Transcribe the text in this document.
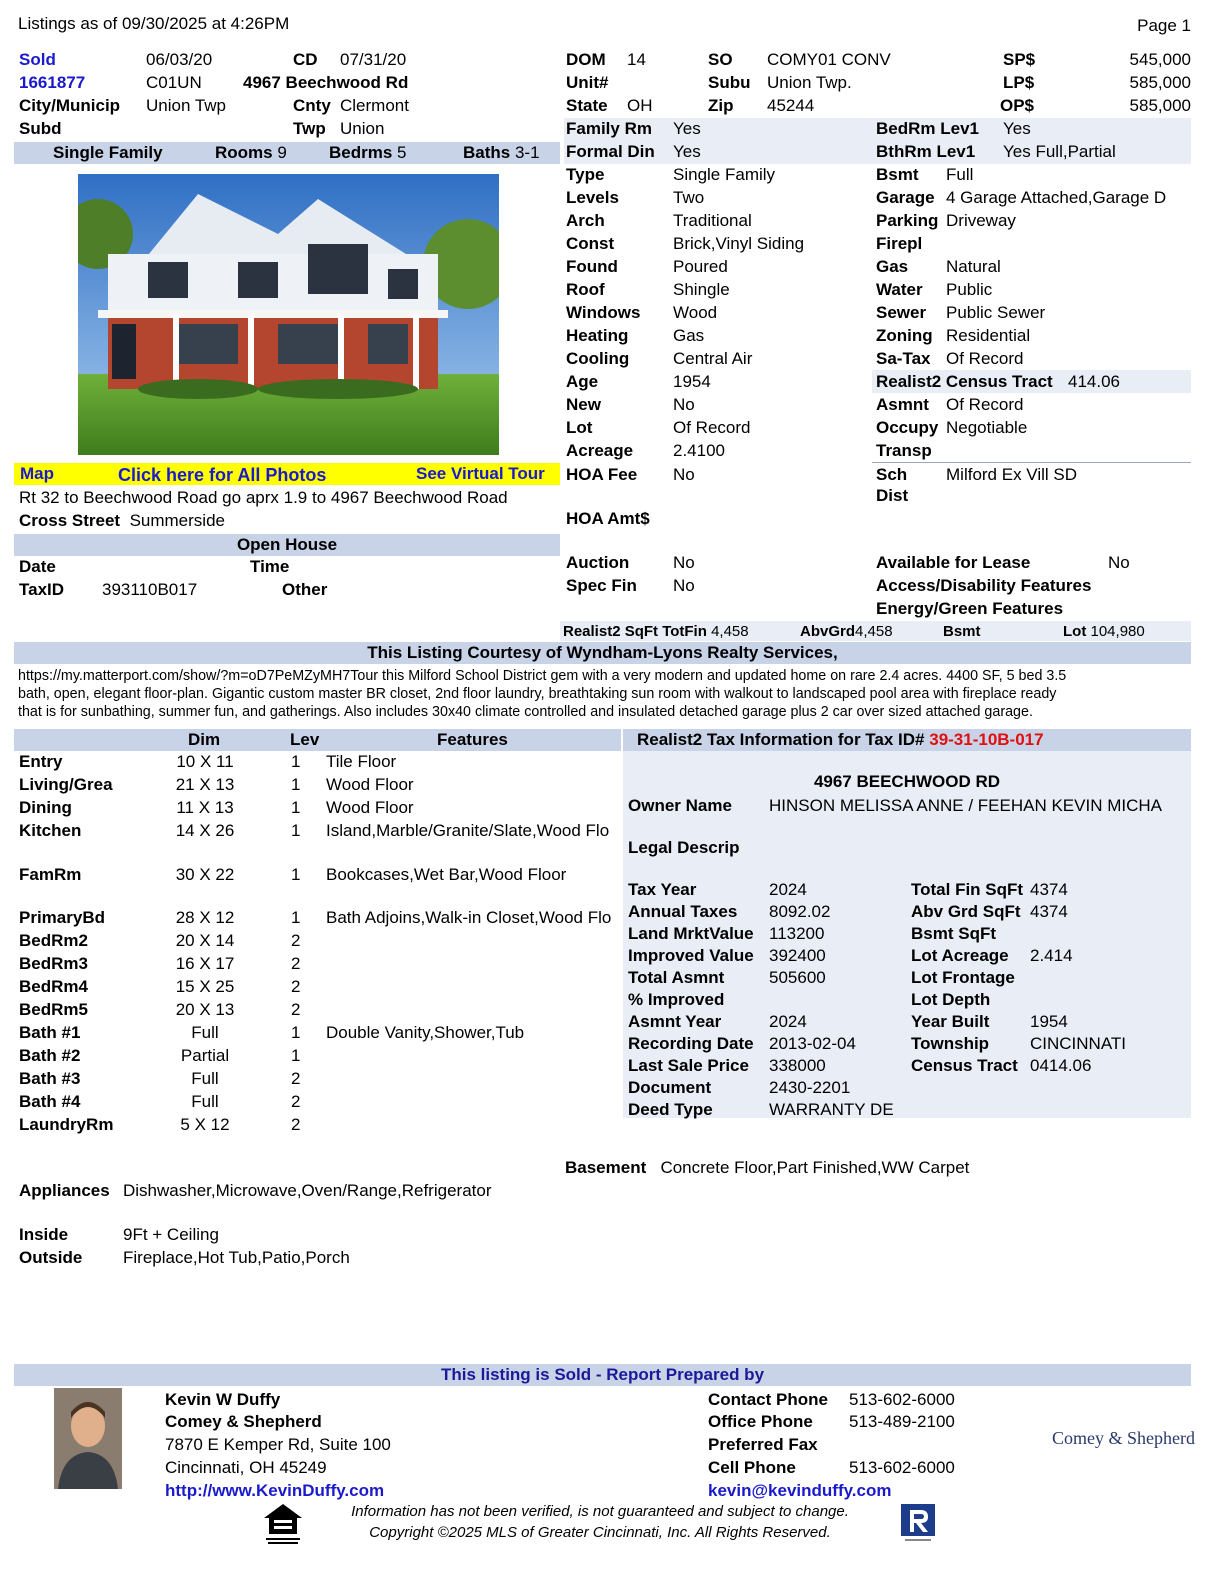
Listings as of 09/30/2025 at 4:26PM	Page 1
Sold	06/03/20	CD 07/31/20
1661877	C01UN 4967 Beechwood Rd
City/Municip Union Twp	Cnty Clermont
Subd	Twp Union
Single Family	Rooms 9 Bedrms 5	Baths 3-1
Map	Click here for All Photos	See Virtual Tour
Rt 32 to Beechwood Road go aprx 1.9 to 4967 Beechwood Road
Cross Street Summerside
Open House
Date	Time
TaxID 393110B017	Other
DOM 14	SO COMY01 CONV	SP$	545,000
Unit#	Subu Union Twp.	LP$	585,000
State OH	Zip 45244	OP$	585,000
Family Rm Yes
Formal Din Yes
Type	Single Family
Levels	Two
Arch	Traditional
Const	Brick,Vinyl Siding
Found	Poured
Roof	Shingle
Windows Wood
Heating	Gas
Cooling	Central Air
Age	1954
New	No
Lot	Of Record
Acreage 2.4100
BedRm Lev1 Yes
BthRm Lev1 Yes Full,Partial
Bsmt Full
Garage 4 Garage Attached,Garage D
Parking Driveway
Firepl
Gas Natural
Water Public
Sewer Public Sewer
Zoning Residential
Sa-Tax Of Record
Realist2 Census Tract 414.06
Asmnt Of Record
Occupy Negotiable
Transp
HOA Fee No	Sch
Dist
Milford Ex Vill SD
HOA Amt$
Auction	No	Available for Lease	No
Spec Fin No	Access/Disability Features
Energy/Green Features
Realist2 SqFt TotFin 4,458	AbvGrd4,458	Bsmt	Lot 104,980
This Listing Courtesy of Wyndham-Lyons Realty Services,
https://my.matterport.com/show/?m=oD7PeMZyMH7Tour this Milford School District gem with a very modern and updated home on rare 2.4 acres. 4400 SF, 5 bed 3.5
bath, open, elegant floor-plan. Gigantic custom master BR closet, 2nd floor laundry, breathtaking sun room with walkout to landscaped pool area with fireplace ready
that is for sunbathing, summer fun, and gatherings. Also includes 30x40 climate controlled and insulated detached garage plus 2 car over sized attached garage.
Dim	Lev	Features
Entry	10 X 11	1 Tile Floor
Living/Grea	21 X 13	1 Wood Floor
Dining	11 X 13	1 Wood Floor
Kitchen	14 X 26	1 Island,Marble/Granite/Slate,Wood Flo
FamRm	30 X 22	1 Bookcases,Wet Bar,Wood Floor
PrimaryBd	28 X 12	1 Bath Adjoins,Walk-in Closet,Wood Flo
BedRm2	20 X 14	2
BedRm3	16 X 17	2
BedRm4	15 X 25	2
BedRm5	20 X 13	2
Bath #1	Full	1 Double Vanity,Shower,Tub
Bath #2	Partial	1
Bath #3	Full	2
Bath #4	Full	2
LaundryRm	5 X 12	2
Realist2 Tax Information for Tax ID# 39-31-10B-017
4967 BEECHWOOD RD
Owner Name HINSON MELISSA ANNE / FEEHAN KEVIN MICHA
Legal Descrip
Tax Year	2024
Annual Taxes 8092.02
Land MrktValue 113200
Improved Value 392400
Total Asmnt	505600
% Improved
Asmnt Year	2024
Recording Date 2013-02-04
Last Sale Price 338000
Document	2430-2201
Deed Type	WARRANTY DE
Total Fin SqFt 4374
Abv Grd SqFt 4374
Bsmt SqFt
Lot Acreage 2.414
Lot Frontage
Lot Depth
Year Built 1954
Township CINCINNATI
Census Tract 0414.06
Basement Concrete Floor,Part Finished,WW Carpet
Appliances Dishwasher,Microwave,Oven/Range,Refrigerator
Inside	9Ft + Ceiling
Outside Fireplace,Hot Tub,Patio,Porch
This listing is Sold - Report Prepared by
Kevin W Duffy
Comey & Shepherd
7870 E Kemper Rd, Suite 100
Cincinnati, OH 45249
http://www.KevinDuffy.com
Contact Phone 513-602-6000
Office Phone 513-489-2100
Preferred Fax
Cell Phone	513-602-6000
kevin@kevinduffy.com
Comey & Shepherd
Information has not been verified, is not guaranteed and subject to change.
Copyright ©2025 MLS of Greater Cincinnati, Inc. All Rights Reserved.
